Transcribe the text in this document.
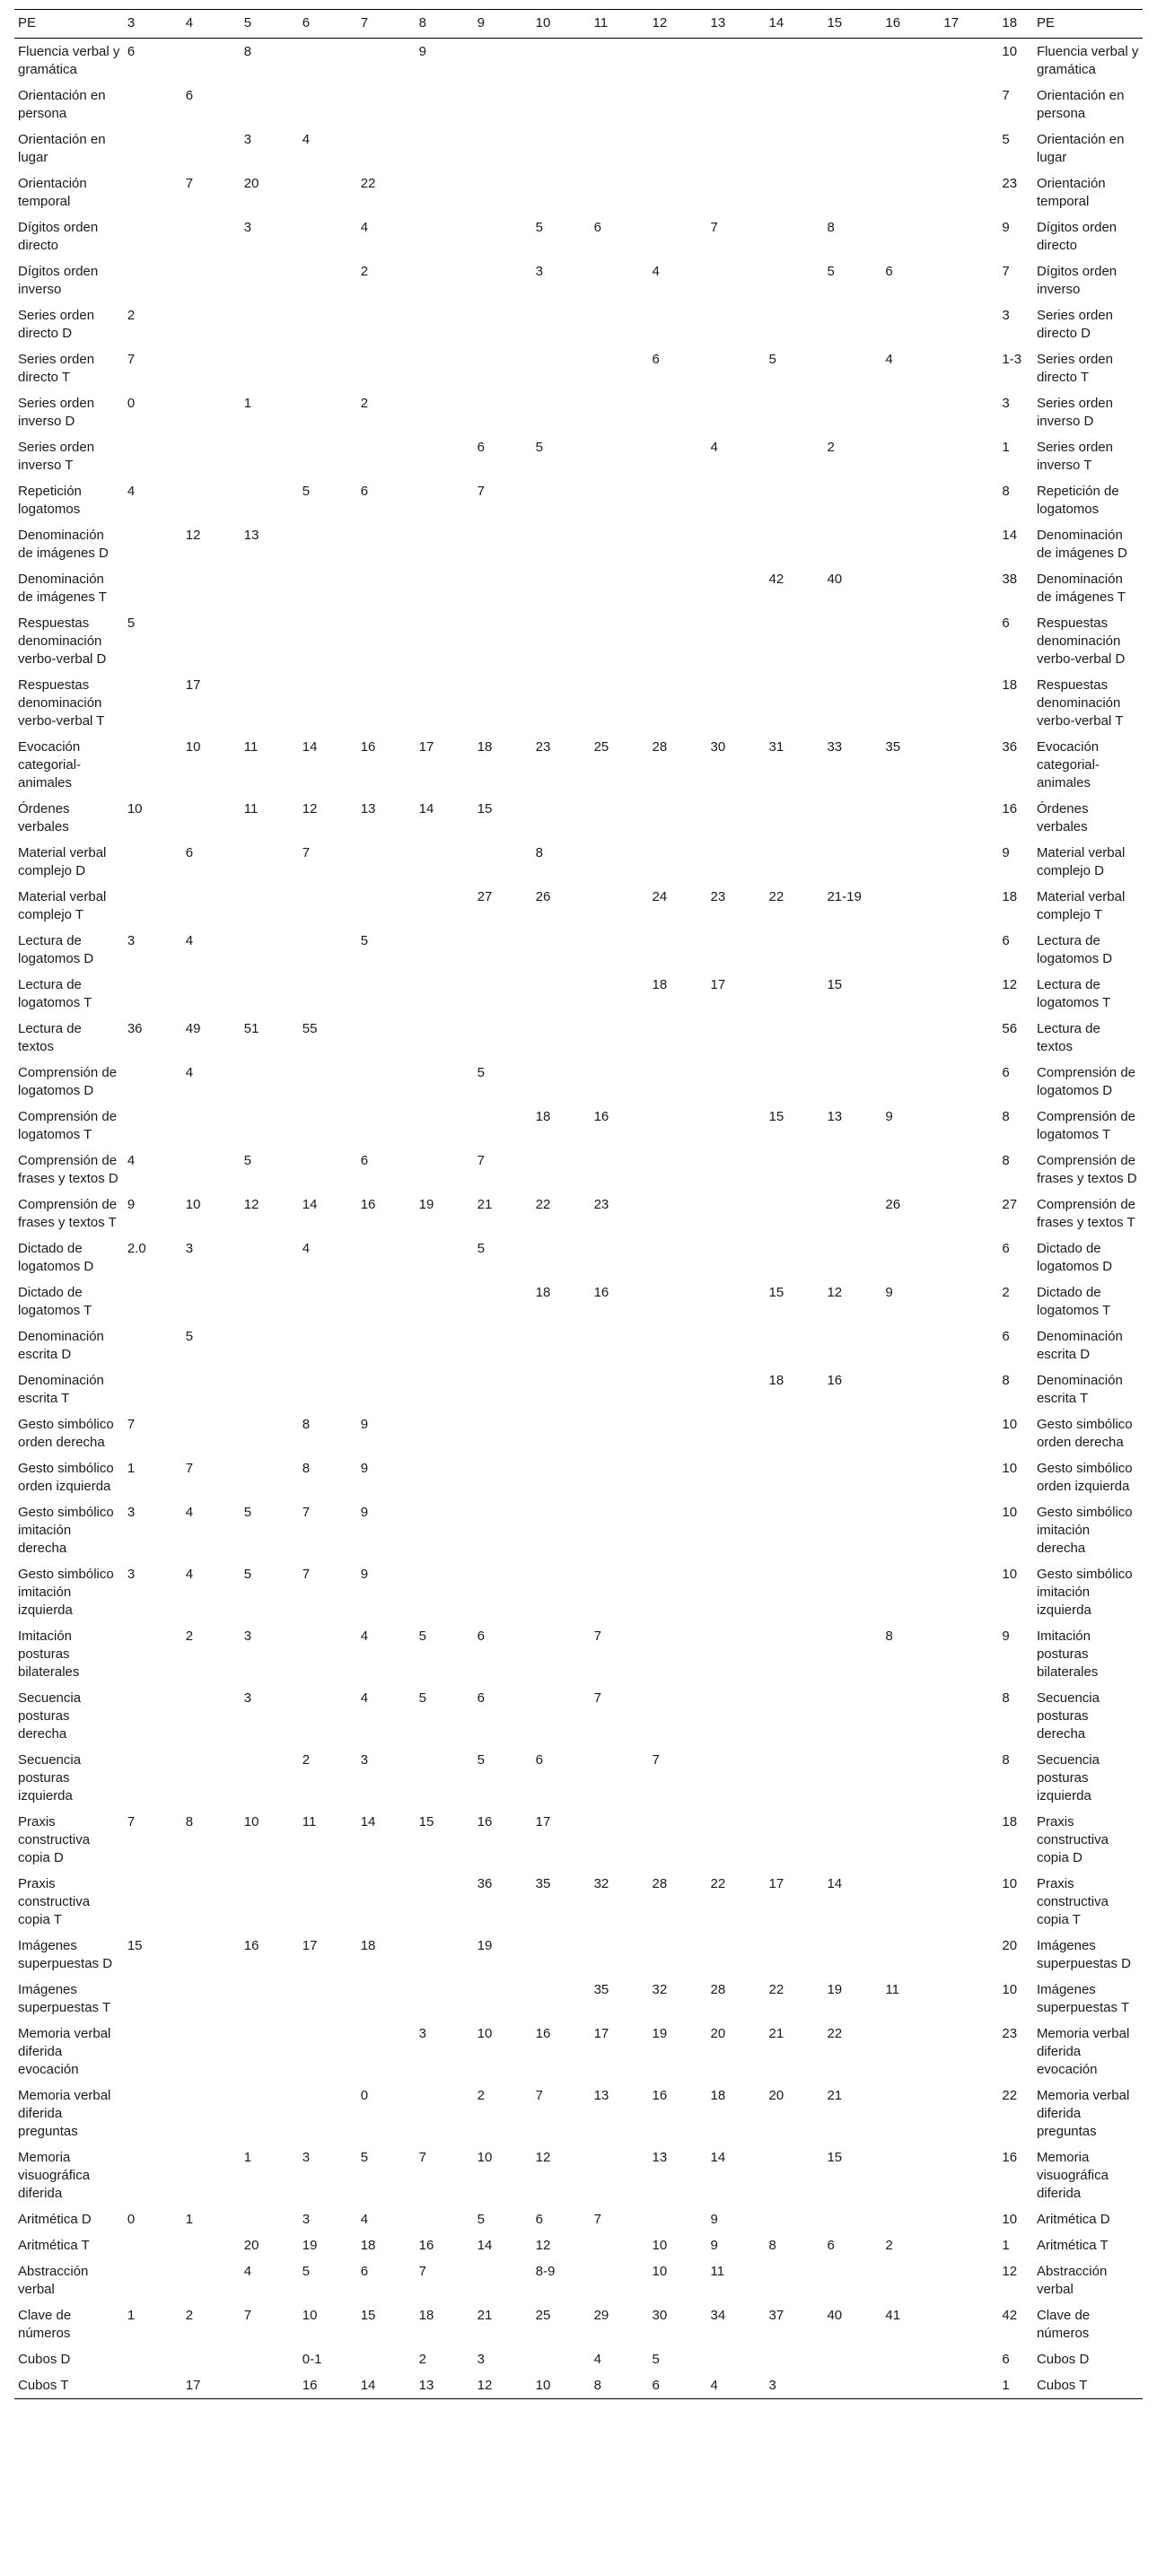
PE	3	4	5	6	7	8	9	10	11	12	13	14	15	16	17	18	PE
Fluencia verbal y gramática	6		8			9										10	Fluencia verbal y gramática
Orientación en persona		6														7	Orientación en persona
Orientación en lugar			3	4												5	Orientación en lugar
Orientación temporal		7	20		22											23	Orientación temporal
Dígitos orden directo			3		4			5	6		7		8			9	Dígitos orden directo
Dígitos orden inverso					2			3		4			5	6		7	Dígitos orden inverso
Series orden directo D	2															3	Series orden directo D
Series orden directo T	7									6		5		4		1-3	Series orden directo T
Series orden inverso D	0		1		2											3	Series orden inverso D
Series orden inverso T							6	5			4		2			1	Series orden inverso T
Repetición logatomos	4			5	6		7									8	Repetición de logatomos
Denominación de imágenes D		12	13													14	Denominación de imágenes D
Denominación de imágenes T												42	40			38	Denominación de imágenes T
Respuestas denominación verbo-verbal D	5															6	Respuestas denominación verbo-verbal D
Respuestas denominación verbo-verbal T		17														18	Respuestas denominación verbo-verbal T
Evocación categorial-animales		10	11	14	16	17	18	23	25	28	30	31	33	35		36	Evocación categorial-animales
Órdenes verbales	10		11	12	13	14	15									16	Órdenes verbales
Material verbal complejo D		6		7				8								9	Material verbal complejo D
Material verbal complejo T							27	26		24	23	22	21-19			18	Material verbal complejo T
Lectura de logatomos D	3	4			5											6	Lectura de logatomos D
Lectura de logatomos T										18	17		15			12	Lectura de logatomos T
Lectura de textos	36	49	51	55												56	Lectura de textos
Comprensión de logatomos D		4					5									6	Comprensión de logatomos D
Comprensión de logatomos T								18	16			15	13	9		8	Comprensión de logatomos T
Comprensión de frases y textos D	4		5		6		7									8	Comprensión de frases y textos D
Comprensión de frases y textos T	9	10	12	14	16	19	21	22	23					26		27	Comprensión de frases y textos T
Dictado de logatomos D	2.0	3		4			5									6	Dictado de logatomos D
Dictado de logatomos T								18	16			15	12	9		2	Dictado de logatomos T
Denominación escrita D		5														6	Denominación escrita D
Denominación escrita T												18	16			8	Denominación escrita T
Gesto simbólico orden derecha	7			8	9											10	Gesto simbólico orden derecha
Gesto simbólico orden izquierda	1	7		8	9											10	Gesto simbólico orden izquierda
Gesto simbólico imitación derecha	3	4	5	7	9											10	Gesto simbólico imitación derecha
Gesto simbólico imitación izquierda	3	4	5	7	9											10	Gesto simbólico imitación izquierda
Imitación posturas bilaterales		2	3		4	5	6		7					8		9	Imitación posturas bilaterales
Secuencia posturas derecha			3		4	5	6		7							8	Secuencia posturas derecha
Secuencia posturas izquierda				2	3		5	6		7						8	Secuencia posturas izquierda
Praxis constructiva copia D	7	8	10	11	14	15	16	17								18	Praxis constructiva copia D
Praxis constructiva copia T							36	35	32	28	22	17	14			10	Praxis constructiva copia T
Imágenes superpuestas D	15		16	17	18		19									20	Imágenes superpuestas D
Imágenes superpuestas T									35	32	28	22	19	11		10	Imágenes superpuestas T
Memoria verbal diferida evocación						3	10	16	17	19	20	21	22			23	Memoria verbal diferida evocación
Memoria verbal diferida preguntas					0		2	7	13	16	18	20	21			22	Memoria verbal diferida preguntas
Memoria visuográfica diferida			1	3	5	7	10	12		13	14		15			16	Memoria visuográfica diferida
Aritmética D	0	1		3	4		5	6	7		9					10	Aritmética D
Aritmética T			20	19	18	16	14	12		10	9	8	6	2		1	Aritmética T
Abstracción verbal			4	5	6	7		8-9		10	11					12	Abstracción verbal
Clave de números	1	2	7	10	15	18	21	25	29	30	34	37	40	41		42	Clave de números
Cubos D				0-1		2	3		4	5						6	Cubos D
Cubos T		17		16	14	13	12	10	8	6	4	3				1	Cubos T
